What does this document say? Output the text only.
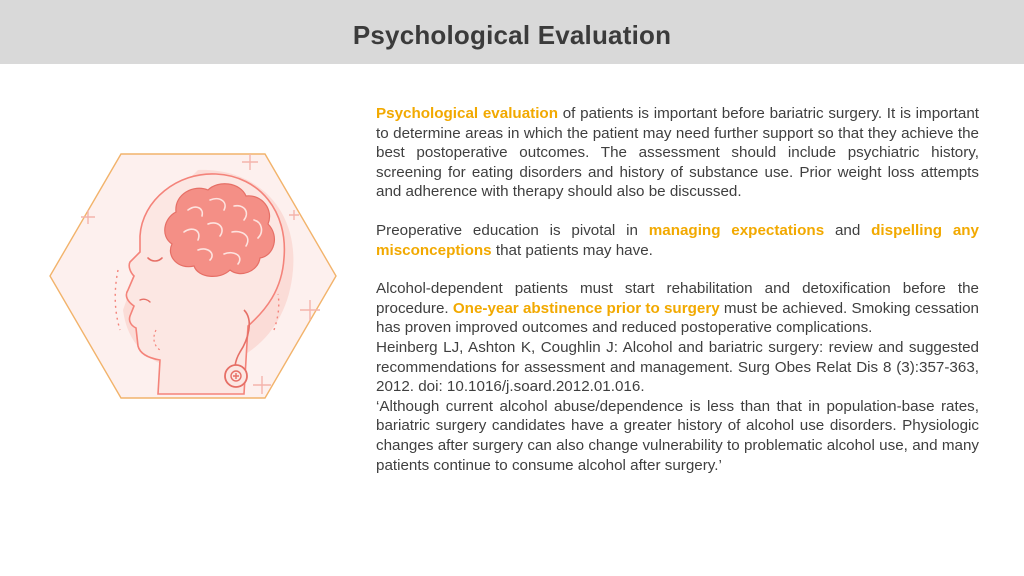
Psychological Evaluation

Psychological evaluation of patients is important before bariatric surgery. It is important to determine areas in which the patient may need further support so that they achieve the best postoperative outcomes. The assessment should include psychiatric history, screening for eating disorders and history of substance use. Prior weight loss attempts and adherence with therapy should also be discussed.

Preoperative education is pivotal in managing expectations and dispelling any misconceptions that patients may have.

Alcohol-dependent patients must start rehabilitation and detoxification before the procedure. One-year abstinence prior to surgery must be achieved. Smoking cessation has proven improved outcomes and reduced postoperative complications.

Heinberg LJ, Ashton K, Coughlin J: Alcohol and bariatric surgery: review and suggested recommendations for assessment and management. Surg Obes Relat Dis 8 (3):357-363, 2012. doi: 10.1016/j.soard.2012.01.016.

‘Although current alcohol abuse/dependence is less than that in population-base rates, bariatric surgery candidates have a greater history of alcohol use disorders. Physiologic changes after surgery can also change vulnerability to problematic alcohol use, and many patients continue to consume alcohol after surgery.’
